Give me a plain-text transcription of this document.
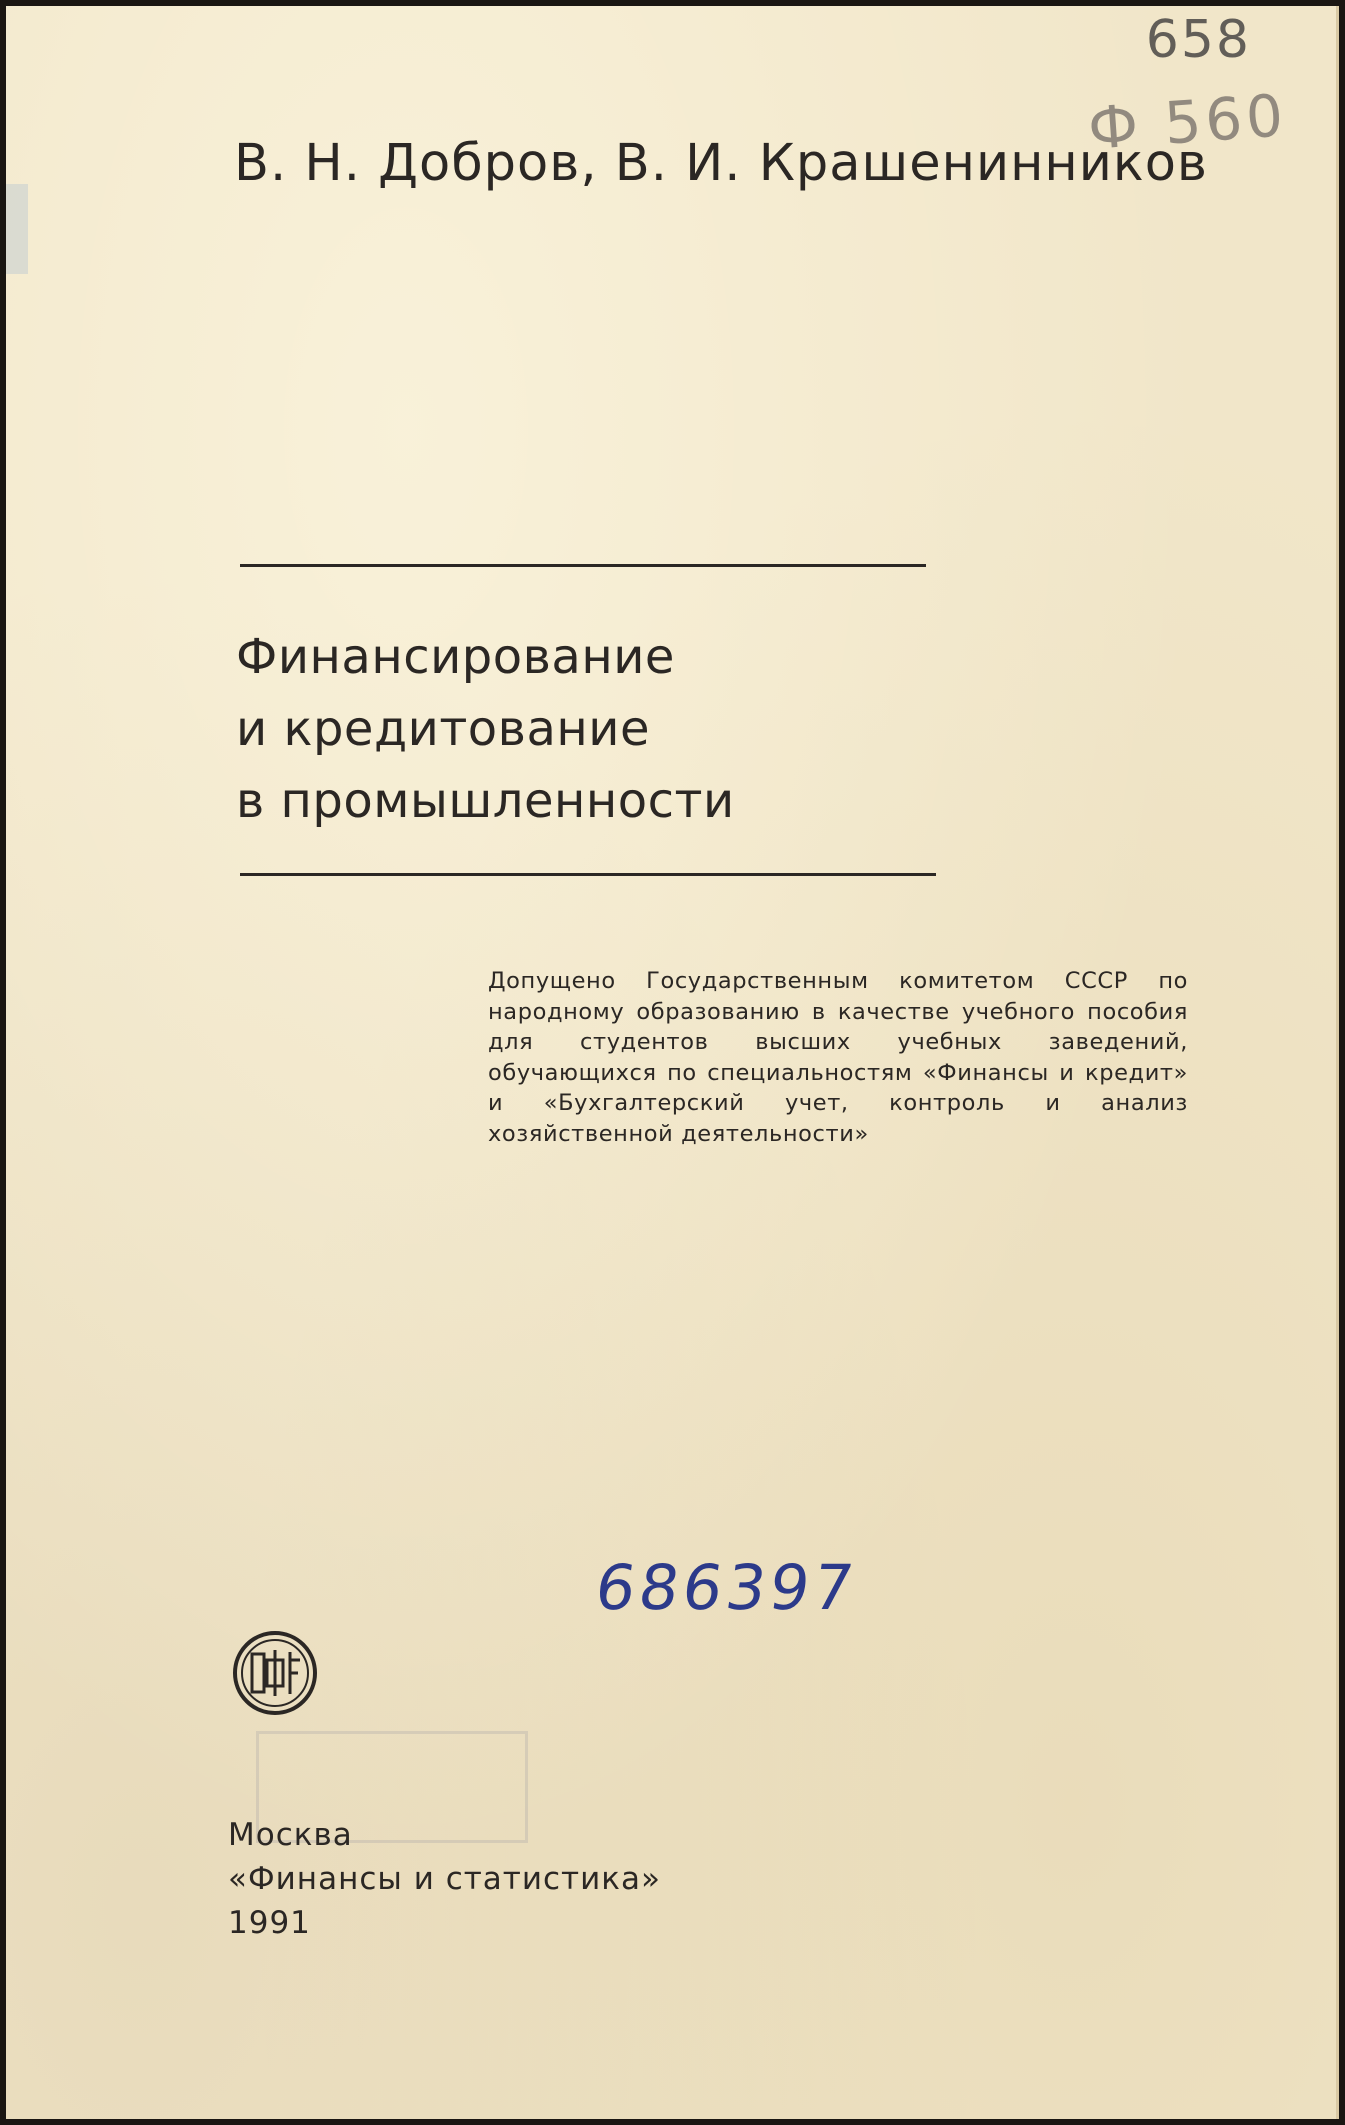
658
Ф 560
В. Н. Добров, В. И. Крашенинников
Финансирование
и кредитование
в промышленности
Допущено Государственным комитетом СССР по народному образованию в качестве учебного пособия для студентов высших учебных заведений, обучающихся по специальностям «Финансы и кредит» и «Бухгалтерский учет, контроль и анализ хозяйственной деятельности»
686397
Москва
«Финансы и статистика»
1991
